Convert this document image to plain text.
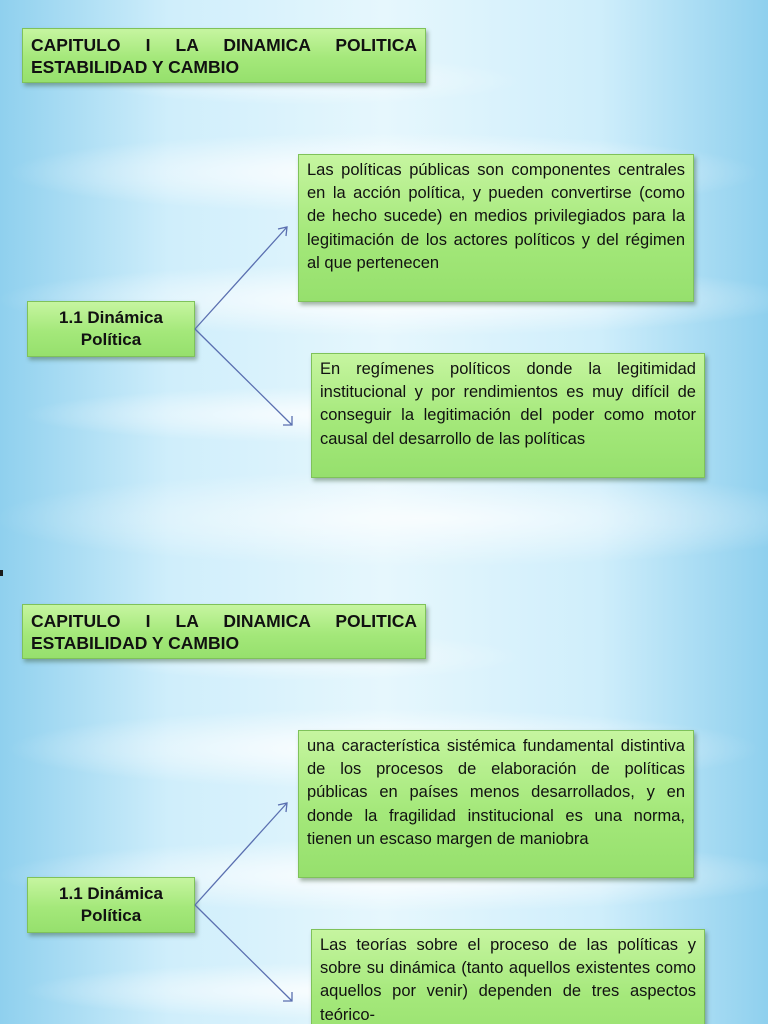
CAPITULO I LA DINAMICA POLITICA
ESTABILIDAD Y CAMBIO
1.1 Dinámica
Política
Las políticas públicas son componentes centrales en la acción política, y pueden convertirse (como de hecho sucede) en medios privilegiados para la legitimación de los actores políticos y del régimen al que pertenecen
En regímenes políticos donde la legitimidad institucional y por rendimientos es muy difícil de conseguir la legitimación del poder como motor causal del desarrollo de las políticas
CAPITULO I LA DINAMICA POLITICA
ESTABILIDAD Y CAMBIO
1.1 Dinámica
Política
una característica sistémica fundamental distintiva de los procesos de elaboración de políticas públicas en países menos desarrollados, y en donde la fragilidad institucional es una norma, tienen un escaso margen de maniobra
Las teorías sobre el proceso de las políticas y sobre su dinámica (tanto aquellos existentes como aquellos por venir) dependen de tres aspectos teórico-
